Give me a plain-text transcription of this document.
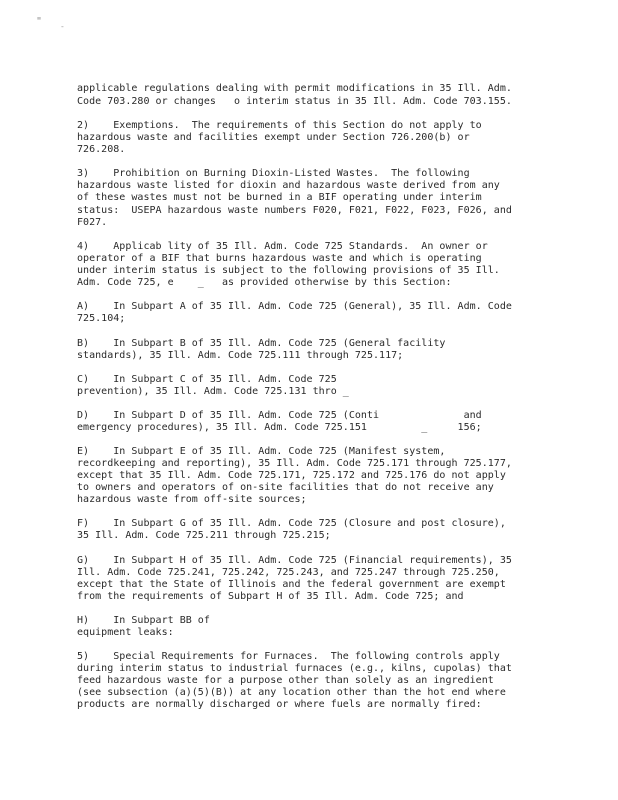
" -
applicable regulations dealing with permit modifications in 35 Ill. Adm.
Code 703.280 or changes   o interim status in 35 Ill. Adm. Code 703.155.
2)    Exemptions.  The requirements of this Section do not apply to
hazardous waste and facilities exempt under Section 726.200(b) or
726.208.
3)    Prohibition on Burning Dioxin-Listed Wastes.  The following
hazardous waste listed for dioxin and hazardous waste derived from any
of these wastes must not be burned in a BIF operating under interim
status:  USEPA hazardous waste numbers F020, F021, F022, F023, F026, and
F027.
4)    Applicab lity of 35 Ill. Adm. Code 725 Standards.  An owner or
operator of a BIF that burns hazardous waste and which is operating
under interim status is subject to the following provisions of 35 Ill.
Adm. Code 725, e    _   as provided otherwise by this Section:
A)    In Subpart A of 35 Ill. Adm. Code 725 (General), 35 Ill. Adm. Code
725.104;
B)    In Subpart B of 35 Ill. Adm. Code 725 (General facility
standards), 35 Ill. Adm. Code 725.111 through 725.117;
C)    In Subpart C of 35 Ill. Adm. Code 725
prevention), 35 Ill. Adm. Code 725.131 thro _
D)    In Subpart D of 35 Ill. Adm. Code 725 (Conti              and
emergency procedures), 35 Ill. Adm. Code 725.151         _     156;
E)    In Subpart E of 35 Ill. Adm. Code 725 (Manifest system,
recordkeeping and reporting), 35 Ill. Adm. Code 725.171 through 725.177,
except that 35 Ill. Adm. Code 725.171, 725.172 and 725.176 do not apply
to owners and operators of on-site facilities that do not receive any
hazardous waste from off-site sources;
F)    In Subpart G of 35 Ill. Adm. Code 725 (Closure and post closure),
35 Ill. Adm. Code 725.211 through 725.215;
G)    In Subpart H of 35 Ill. Adm. Code 725 (Financial requirements), 35
Ill. Adm. Code 725.241, 725.242, 725.243, and 725.247 through 725.250,
except that the State of Illinois and the federal government are exempt
from the requirements of Subpart H of 35 Ill. Adm. Code 725; and
H)    In Subpart BB of
equipment leaks:
5)    Special Requirements for Furnaces.  The following controls apply
during interim status to industrial furnaces (e.g., kilns, cupolas) that
feed hazardous waste for a purpose other than solely as an ingredient
(see subsection (a)(5)(B)) at any location other than the hot end where
products are normally discharged or where fuels are normally fired:
